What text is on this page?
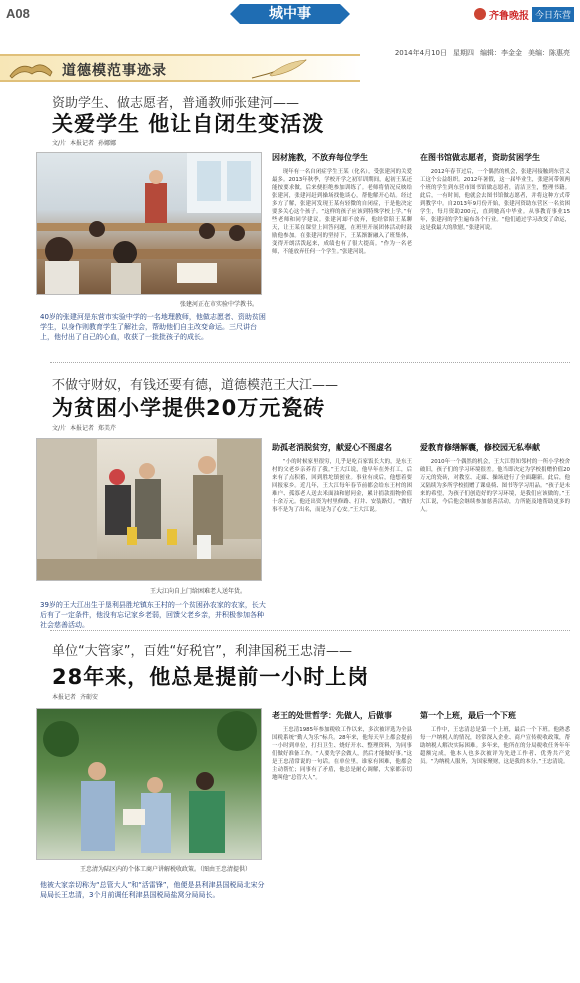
A08	城中事	齐鲁晚报 今日东营
2014年4月10日 星期四 编辑：李金金 美编：陈惠亮
道德模范事迹录
资助学生、做志愿者，普通教师张建河——
关爱学生 他让自闭生变活泼
文/片 本报记者 孙娜娜
张建河正在市实验中学教书。
40岁的张建河是东营市实验中学的一名地理教师，他做志愿者、资助贫困学生，以身作则教育学生了解社会，帮助他们自主改变命运。三尺讲台上，他付出了自己的心血，收获了一批批孩子的成长。
因材施教，不放弃每位学生

现年有一名自闭症学生王某（化名），受张建河的关爱最多。2013年秋季，学校开学之初军训期间，起初王某还能按要求做，后来便拒绝参加训练了。老师将情况反映给张建河，张建河赶到操场找他谈心，帮他解开心结。经过多方了解，张建河发现王某有轻微的自闭症，于是他决定要多关心这个孩子。“这样的孩子应该到特殊学校上学。”有些老师和同学建议。张建河却不放弃，他经常陪王某聊天，让王某在课堂上回答问题，在班里开展团体活动时鼓励他参加。在张建河的坚持下，王某渐渐融入了班集体，变得开朗活泼起来，成绩也有了很大提高。“作为一名老师，不能放弃任何一个学生。”张建河说。

在图书馆做志愿者，资助贫困学生

2012年春节过后，一个偶然的机会，张建河接触到东营义工这个公益组织。2012年暑假，这一届毕业生，张建河带领两个班的学生到东营市图书馆做志愿者，清洁卫生，整理书籍。此后，一有时间，他就会去图书馆做志愿者，并将这种方式带到教学中。自2013年9月份开始，张建河资助东营区一名贫困学生，每月资助200元，直到她高中毕业。从事教育事业15年，张建河的学生遍布各个行业。“他们通过学习改变了命运，这是我最大的欣慰。”张建河说。

不做守财奴，有钱还要有德，道德模范王大江——
为贫困小学提供20万元瓷砖
文/片 本报记者 郑美芹
王大江向自上门给困难老人送年货。
39岁的王大江出生于垦利县胜坨镇东王村的一个贫困孙农家的农家，长大后有了一定条件，他没有忘记家乡老弱，回馈父老乡亲，并积极参加各种社会慈善活动。
助孤老消脱贫穷，献爱心不图虚名

“小的时候家里很穷，几乎是吃百家饭长大的，是东王村的父老乡亲养育了我。”王大江说，他早年在外打工，后来有了点积蓄，回到胜坨镇创业。事业有成后，他想着要回报家乡。近几年，王大江每年春节前都会给东王村的困难户、孤寡老人送去米面油和慰问金，累计捐款捐物价值十余万元。他还出资为村里修路、打井、安装路灯。“做好事不是为了出名，而是为了心安。”王大江说。

爱教育修缮解囊，修校园无私奉献

2010年一个偶然的机会，王大江得知邻村的一所小学校舍破旧，孩子们的学习环境很差。他当即决定为学校捐赠价值20万元的瓷砖，对教室、走廊、操场进行了全面翻新。此后，他又陆续为多所学校捐赠了课桌椅、图书等学习用品。“孩子是未来的希望，为孩子们创造好的学习环境，是我们应该做的。”王大江说，今后他会继续参加慈善活动，力所能及地帮助更多的人。

单位“大管家”，百姓“好税官”，利津国税王忠清——
28年来，他总是提前一小时上岗
本报记者 齐砺安
王忠清为陆区内的个体工商户讲解税收政策。（图由王忠清提供）
他被大家亲切称为“总管大人”和“活雷锋”，他便是县利津县国税局北宋分局局长王忠清，3个月前调任利津县国税局盐窝分局局长。
老王的处世哲学：先做人，后做事

王忠清1985年参加税收工作以来，多次被评选为全县国税系统“勤人为乐”标兵。28年来，他每天早上都会提前一小时到单位，打扫卫生、烧好开水、整理资料，为同事们做好准备工作。“人要先学会做人，然后才能做好事。”这是王忠清常说的一句话。在单位里，谁家有困难，他都会主动帮忙；同事有了矛盾，他总是耐心调解，大家都亲切地叫他“总管大人”。

第一个上班，最后一个下班

工作中，王忠清总是第一个上班，最后一个下班。他熟悉每一户纳税人的情况，经常深入企业、商户宣传税收政策，帮助纳税人解决实际困难。多年来，他所在的分局税收任务年年超额完成，他本人也多次被评为先进工作者、优秀共产党员。“为纳税人服务，为国家聚财，这是我的本分。”王忠清说。
